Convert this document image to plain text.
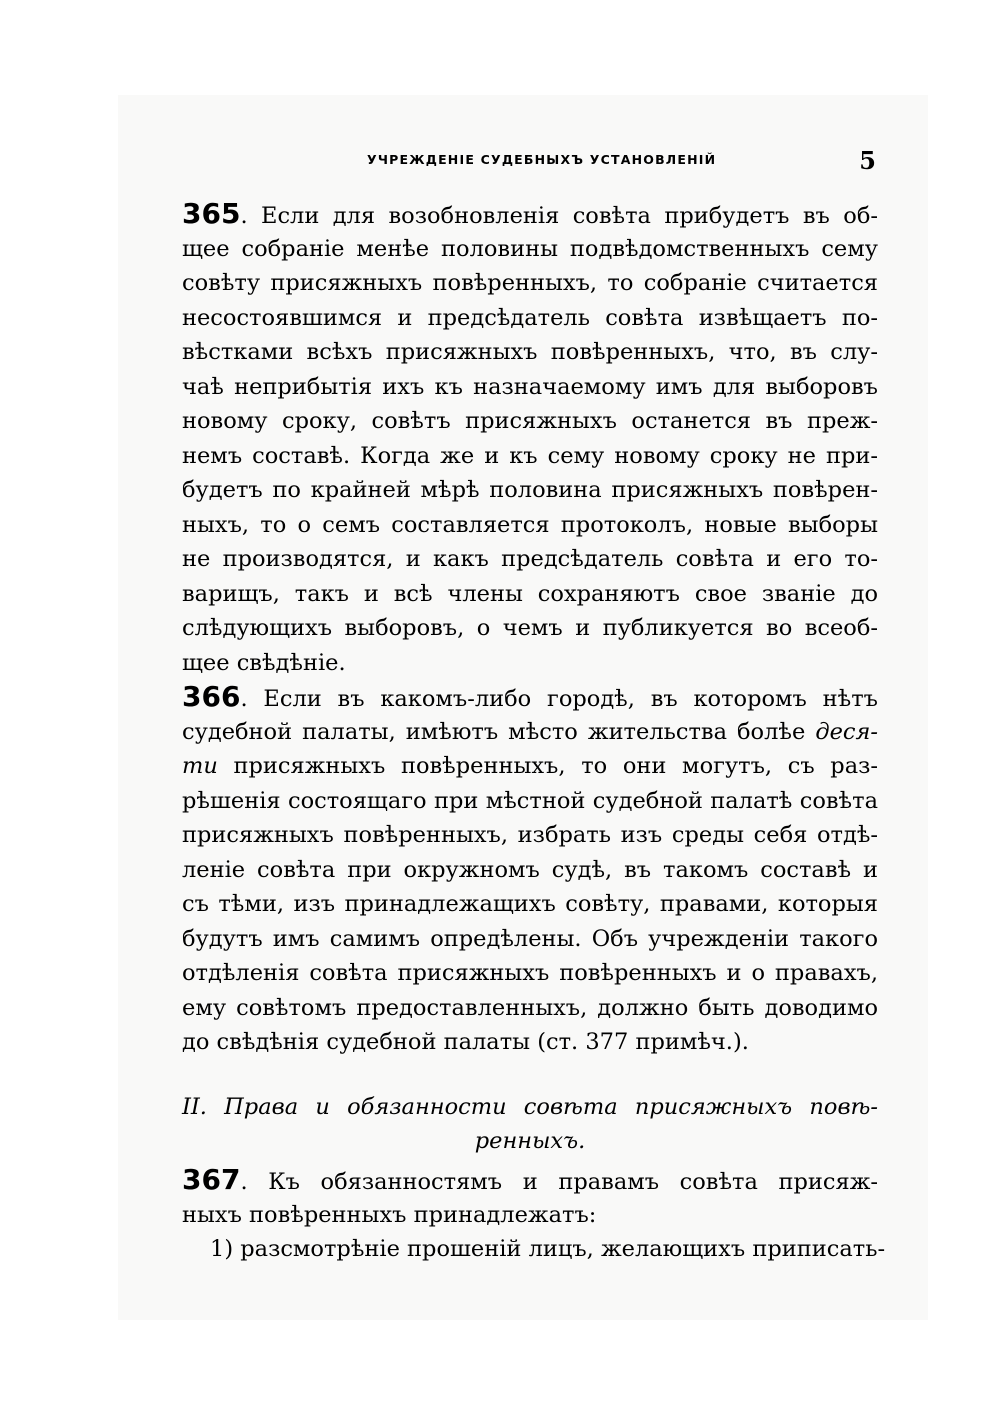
УЧРЕЖДЕНІЕ СУДЕБНЫХЪ УСТАНОВЛЕНІЙ	5
365. Если для возобновленія совѣта прибудетъ въ об-
щее собраніе менѣе половины подвѣдомственныхъ сему
совѣту присяжныхъ повѣренныхъ, то собраніе считается
несостоявшимся и предсѣдатель совѣта извѣщаетъ по-
вѣстками всѣхъ присяжныхъ повѣренныхъ, что, въ слу-
чаѣ неприбытія ихъ къ назначаемому имъ для выборовъ
новому сроку, совѣтъ присяжныхъ останется въ преж-
немъ составѣ. Когда же и къ сему новому сроку не при-
будетъ по крайней мѣрѣ половина присяжныхъ повѣрен-
ныхъ, то о семъ составляется протоколъ, новые выборы
не производятся, и какъ предсѣдатель совѣта и его то-
варищъ, такъ и всѣ члены сохраняютъ свое званіе до
слѣдующихъ выборовъ, о чемъ и публикуется во всеоб-
щее свѣдѣніе.
366. Если въ какомъ-либо городѣ, въ которомъ нѣтъ
судебной палаты, имѣютъ мѣсто жительства болѣе деся-
ти присяжныхъ повѣренныхъ, то они могутъ, съ раз-
рѣшенія состоящаго при мѣстной судебной палатѣ совѣта
присяжныхъ повѣренныхъ, избрать изъ среды себя отдѣ-
леніе совѣта при окружномъ судѣ, въ такомъ составѣ и
съ тѣми, изъ принадлежащихъ совѣту, правами, которыя
будутъ имъ самимъ опредѣлены. Объ учрежденіи такого
отдѣленія совѣта присяжныхъ повѣренныхъ и о правахъ,
ему совѣтомъ предоставленныхъ, должно быть доводимо
до свѣдѣнія судебной палаты (ст. 377 примѣч.).
II. Права и обязанности совѣта присяжныхъ повѣ-
ренныхъ.
367. Къ обязанностямъ и правамъ совѣта присяж-
ныхъ повѣренныхъ принадлежатъ:
1) разсмотрѣніе прошеній лицъ, желающихъ приписать-
